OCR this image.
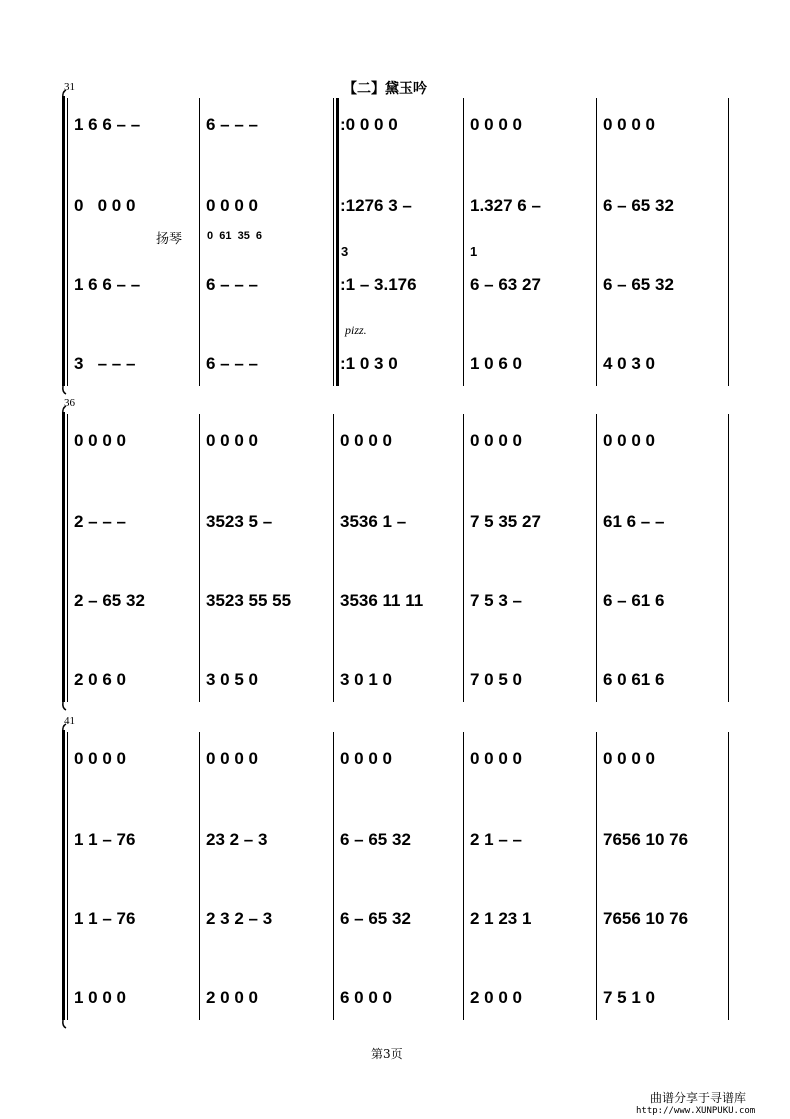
【二】黛玉吟
31
1 6 6 – –
0   0 0 0
1 6 6 – –
3   – – –
6 – – –
0 0 0 0
6 – – –
6 – – –
:0 0 0 0
:1276 3 –
:1 – 3.176
:1 0 3 0
0 0 0 0
1.327 6 –
6 – 63 27
1 0 6 0
0 0 0 0
6 – 65 32
6 – 65 32
4 0 3 0
36
0 0 0 0
2 – – –
2 – 65 32
2 0 6 0
0 0 0 0
3523 5 –
3523 55 55
3 0 5 0
0 0 0 0
3536 1 –
3536 11 11
3 0 1 0
0 0 0 0
7 5 35 27
7 5 3 –
7 0 5 0
0 0 0 0
61 6 – –
6 – 61 6
6 0 61 6
41
0 0 0 0
1 1 – 76
1 1 – 76
1 0 0 0
0 0 0 0
23 2 – 3
2 3 2 – 3
2 0 0 0
0 0 0 0
6 – 65 32
6 – 65 32
6 0 0 0
0 0 0 0
2 1 – –
2 1 23 1
2 0 0 0
0 0 0 0
7656 10 76
7656 10 76
7 5 1 0
扬琴 0  61  35  6
pizz.
3	1
第3页
曲谱分享于寻谱库
http://www.XUNPUKU.com
